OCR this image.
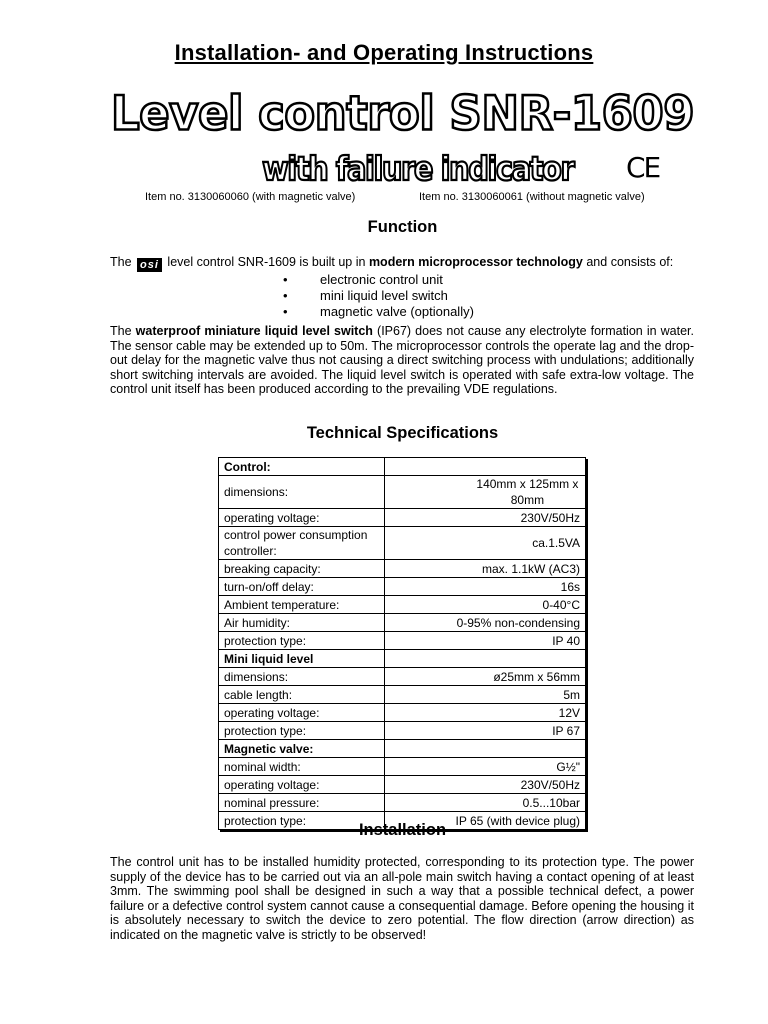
Installation- and Operating Instructions
Level control SNR-1609
with failure indicator CE
Item no. 3130060060 (with magnetic valve)	Item no. 3130060061 (without magnetic valve)
Function
The osi level control SNR-1609 is built up in modern microprocessor technology and consists of:
• electronic control unit
• mini liquid level switch
• magnetic valve (optionally)
The waterproof miniature liquid level switch (IP67) does not cause any electrolyte formation in water. The sensor cable may be extended up to 50m. The microprocessor controls the operate lag and the drop-out delay for the magnetic valve thus not causing a direct switching process with undulations; additionally short switching intervals are avoided. The liquid level switch is operated with safe extra-low voltage. The control unit itself has been produced according to the prevailing VDE regulations.
Technical Specifications
Control:	
dimensions:	140mm x 125mm x 80mm
operating voltage:	230V/50Hz
control power consumption controller:	ca.1.5VA
breaking capacity:	max. 1.1kW (AC3)
turn-on/off delay:	16s
Ambient temperature:	0-40°C
Air humidity:	0-95% non-condensing
protection type:	IP 40
Mini liquid level	
dimensions:	ø25mm x 56mm
cable length:	5m
operating voltage:	12V
protection type:	IP 67
Magnetic valve:	
nominal width:	G½"
operating voltage:	230V/50Hz
nominal pressure:	0.5...10bar
protection type:	IP 65 (with device plug)
Installation
The control unit has to be installed humidity protected, corresponding to its protection type. The power supply of the device has to be carried out via an all-pole main switch having a contact opening of at least 3mm. The swimming pool shall be designed in such a way that a possible technical defect, a power failure or a defective control system cannot cause a consequential damage. Before opening the housing it is absolutely necessary to switch the device to zero potential. The flow direction (arrow direction) as indicated on the magnetic valve is strictly to be observed!
